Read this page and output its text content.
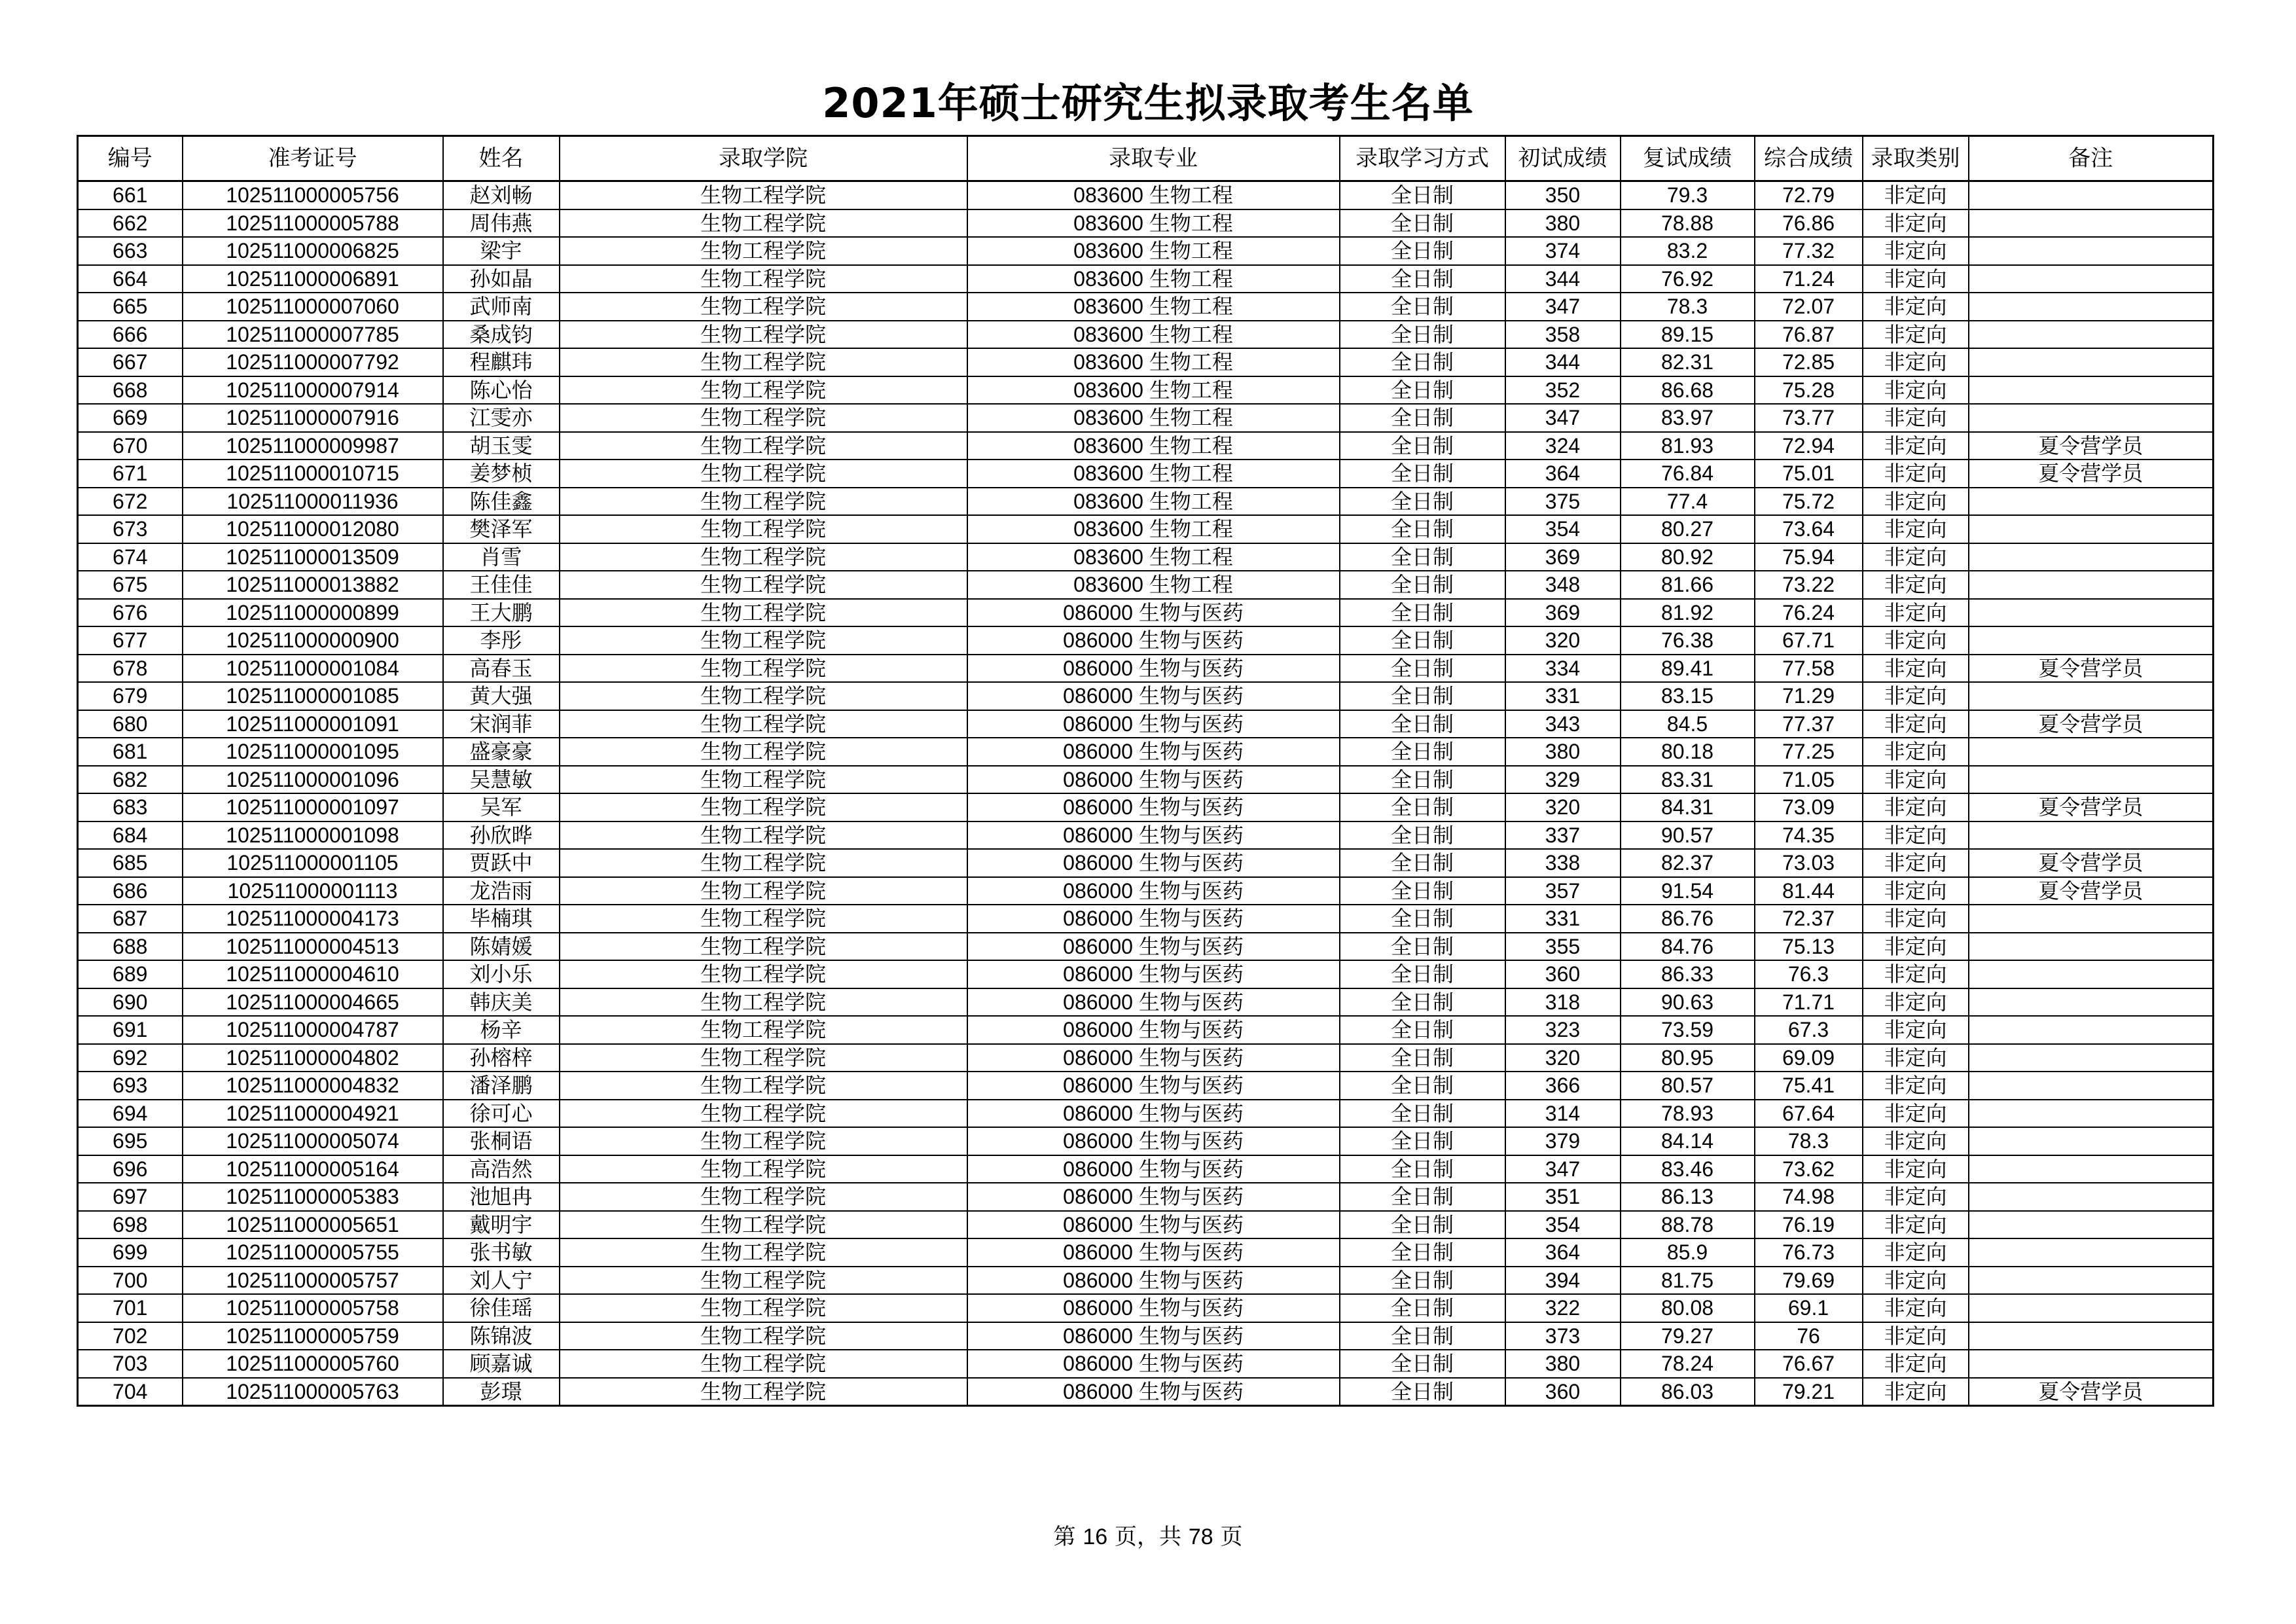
2021年硕士研究生拟录取考生名单
编号	准考证号	姓名	录取学院	录取专业	录取学习方式	初试成绩	复试成绩	综合成绩	录取类别	备注
661	102511000005756	赵刘畅	生物工程学院	083600 生物工程	全日制	350	79.3	72.79	非定向	
662	102511000005788	周伟燕	生物工程学院	083600 生物工程	全日制	380	78.88	76.86	非定向	
663	102511000006825	梁宇	生物工程学院	083600 生物工程	全日制	374	83.2	77.32	非定向	
664	102511000006891	孙如晶	生物工程学院	083600 生物工程	全日制	344	76.92	71.24	非定向	
665	102511000007060	武师南	生物工程学院	083600 生物工程	全日制	347	78.3	72.07	非定向	
666	102511000007785	桑成钧	生物工程学院	083600 生物工程	全日制	358	89.15	76.87	非定向	
667	102511000007792	程麒玮	生物工程学院	083600 生物工程	全日制	344	82.31	72.85	非定向	
668	102511000007914	陈心怡	生物工程学院	083600 生物工程	全日制	352	86.68	75.28	非定向	
669	102511000007916	江雯亦	生物工程学院	083600 生物工程	全日制	347	83.97	73.77	非定向	
670	102511000009987	胡玉雯	生物工程学院	083600 生物工程	全日制	324	81.93	72.94	非定向	夏令营学员
671	102511000010715	姜梦桢	生物工程学院	083600 生物工程	全日制	364	76.84	75.01	非定向	夏令营学员
672	102511000011936	陈佳鑫	生物工程学院	083600 生物工程	全日制	375	77.4	75.72	非定向	
673	102511000012080	樊泽军	生物工程学院	083600 生物工程	全日制	354	80.27	73.64	非定向	
674	102511000013509	肖雪	生物工程学院	083600 生物工程	全日制	369	80.92	75.94	非定向	
675	102511000013882	王佳佳	生物工程学院	083600 生物工程	全日制	348	81.66	73.22	非定向	
676	102511000000899	王大鹏	生物工程学院	086000 生物与医药	全日制	369	81.92	76.24	非定向	
677	102511000000900	李彤	生物工程学院	086000 生物与医药	全日制	320	76.38	67.71	非定向	
678	102511000001084	高春玉	生物工程学院	086000 生物与医药	全日制	334	89.41	77.58	非定向	夏令营学员
679	102511000001085	黄大强	生物工程学院	086000 生物与医药	全日制	331	83.15	71.29	非定向	
680	102511000001091	宋润菲	生物工程学院	086000 生物与医药	全日制	343	84.5	77.37	非定向	夏令营学员
681	102511000001095	盛豪豪	生物工程学院	086000 生物与医药	全日制	380	80.18	77.25	非定向	
682	102511000001096	吴慧敏	生物工程学院	086000 生物与医药	全日制	329	83.31	71.05	非定向	
683	102511000001097	吴军	生物工程学院	086000 生物与医药	全日制	320	84.31	73.09	非定向	夏令营学员
684	102511000001098	孙欣晔	生物工程学院	086000 生物与医药	全日制	337	90.57	74.35	非定向	
685	102511000001105	贾跃中	生物工程学院	086000 生物与医药	全日制	338	82.37	73.03	非定向	夏令营学员
686	102511000001113	龙浩雨	生物工程学院	086000 生物与医药	全日制	357	91.54	81.44	非定向	夏令营学员
687	102511000004173	毕楠琪	生物工程学院	086000 生物与医药	全日制	331	86.76	72.37	非定向	
688	102511000004513	陈婧媛	生物工程学院	086000 生物与医药	全日制	355	84.76	75.13	非定向	
689	102511000004610	刘小乐	生物工程学院	086000 生物与医药	全日制	360	86.33	76.3	非定向	
690	102511000004665	韩庆美	生物工程学院	086000 生物与医药	全日制	318	90.63	71.71	非定向	
691	102511000004787	杨辛	生物工程学院	086000 生物与医药	全日制	323	73.59	67.3	非定向	
692	102511000004802	孙榕梓	生物工程学院	086000 生物与医药	全日制	320	80.95	69.09	非定向	
693	102511000004832	潘泽鹏	生物工程学院	086000 生物与医药	全日制	366	80.57	75.41	非定向	
694	102511000004921	徐可心	生物工程学院	086000 生物与医药	全日制	314	78.93	67.64	非定向	
695	102511000005074	张桐语	生物工程学院	086000 生物与医药	全日制	379	84.14	78.3	非定向	
696	102511000005164	高浩然	生物工程学院	086000 生物与医药	全日制	347	83.46	73.62	非定向	
697	102511000005383	池旭冉	生物工程学院	086000 生物与医药	全日制	351	86.13	74.98	非定向	
698	102511000005651	戴明宇	生物工程学院	086000 生物与医药	全日制	354	88.78	76.19	非定向	
699	102511000005755	张书敏	生物工程学院	086000 生物与医药	全日制	364	85.9	76.73	非定向	
700	102511000005757	刘人宁	生物工程学院	086000 生物与医药	全日制	394	81.75	79.69	非定向	
701	102511000005758	徐佳瑶	生物工程学院	086000 生物与医药	全日制	322	80.08	69.1	非定向	
702	102511000005759	陈锦波	生物工程学院	086000 生物与医药	全日制	373	79.27	76	非定向	
703	102511000005760	顾嘉诚	生物工程学院	086000 生物与医药	全日制	380	78.24	76.67	非定向	
704	102511000005763	彭璟	生物工程学院	086000 生物与医药	全日制	360	86.03	79.21	非定向	夏令营学员
第 16 页，共 78 页
